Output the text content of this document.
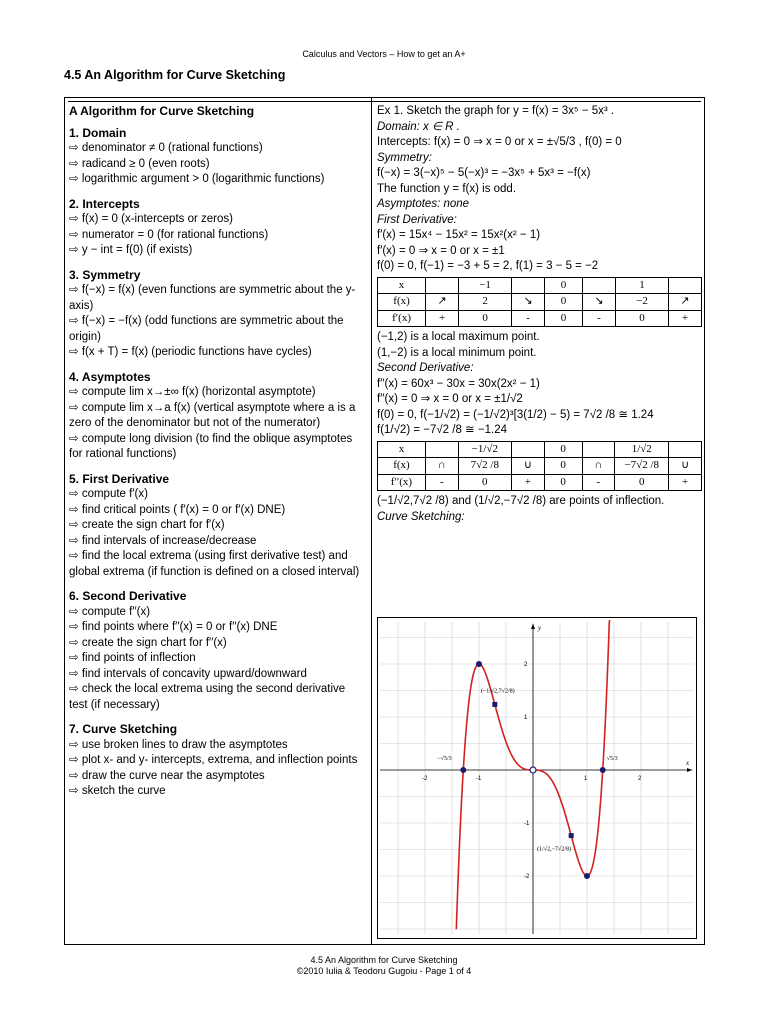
Calculus and Vectors – How to get an A+
4.5 An Algorithm for Curve Sketching
A Algorithm for Curve Sketching
1. Domain
⇨ denominator ≠ 0 (rational functions)
⇨ radicand ≥ 0 (even roots)
⇨ logarithmic argument > 0 (logarithmic functions)
2. Intercepts
⇨ f(x) = 0 (x-intercepts or zeros)
⇨ numerator = 0 (for rational functions)
⇨ y − int = f(0) (if exists)
3. Symmetry
⇨ f(−x) = f(x) (even functions are symmetric about the y-axis)
⇨ f(−x) = −f(x) (odd functions are symmetric about the origin)
⇨ f(x + T) = f(x) (periodic functions have cycles)
4. Asymptotes
⇨ compute lim x→±∞ f(x) (horizontal asymptote)
⇨ compute lim x→a f(x) (vertical asymptote where a is a zero of the denominator but not of the numerator)
⇨ compute long division (to find the oblique asymptotes for rational functions)
5. First Derivative
⇨ compute f′(x)
⇨ find critical points ( f′(x) = 0 or f′(x) DNE)
⇨ create the sign chart for f′(x)
⇨ find intervals of increase/decrease
⇨ find the local extrema (using first derivative test) and global extrema (if function is defined on a closed interval)
6. Second Derivative
⇨ compute f′′(x)
⇨ find points where f′′(x) = 0 or f′′(x) DNE
⇨ create the sign chart for f′′(x)
⇨ find points of inflection
⇨ find intervals of concavity upward/downward
⇨ check the local extrema using the second derivative test (if necessary)
7. Curve Sketching
⇨ use broken lines to draw the asymptotes
⇨ plot x- and y- intercepts, extrema, and inflection points
⇨ draw the curve near the asymptotes
⇨ sketch the curve
Ex 1. Sketch the graph for y = f(x) = 3x⁵ − 5x³ .
Domain: x ∈ R .
Intercepts: f(x) = 0 ⇒ x = 0 or x = ±√5/3 , f(0) = 0
Symmetry:
f(−x) = 3(−x)⁵ − 5(−x)³ = −3x⁵ + 5x³ = −f(x)
The function y = f(x) is odd.
Asymptotes: none
First Derivative:
f′(x) = 15x⁴ − 15x² = 15x²(x² − 1)
f′(x) = 0 ⇒ x = 0 or x = ±1
f(0) = 0, f(−1) = −3 + 5 = 2, f(1) = 3 − 5 = −2
x		−1		0		1	
f(x)	↗	2	↘	0	↘	−2	↗
f′(x)	+	0	-	0	-	0	+
(−1,2) is a local maximum point.
(1,−2) is a local minimum point.
Second Derivative:
f′′(x) = 60x³ − 30x = 30x(2x² − 1)
f′′(x) = 0 ⇒ x = 0 or x = ±1/√2
f(0) = 0, f(−1/√2) = (−1/√2)³[3(1/2) − 5) = 7√2 /8 ≅ 1.24
f(1/√2) = −7√2 /8 ≅ −1.24
x		−1/√2		0		1/√2	
f(x)	∩	7√2 /8	∪	0	∩	−7√2 /8	∪
f′′(x)	-	0	+	0	-	0	+
(−1/√2,7√2 /8) and (1/√2,−7√2 /8) are points of inflection.
Curve Sketching:
x
y
-2	-1	1	2
2
1
-1
-2
−√5/3	√5/3
(−1/√2,7√2/8)
(1/√2,−7√2/8)
4.5 An Algorithm for Curve Sketching
©2010 Iulia & Teodoru Gugoiu - Page 1 of 4
